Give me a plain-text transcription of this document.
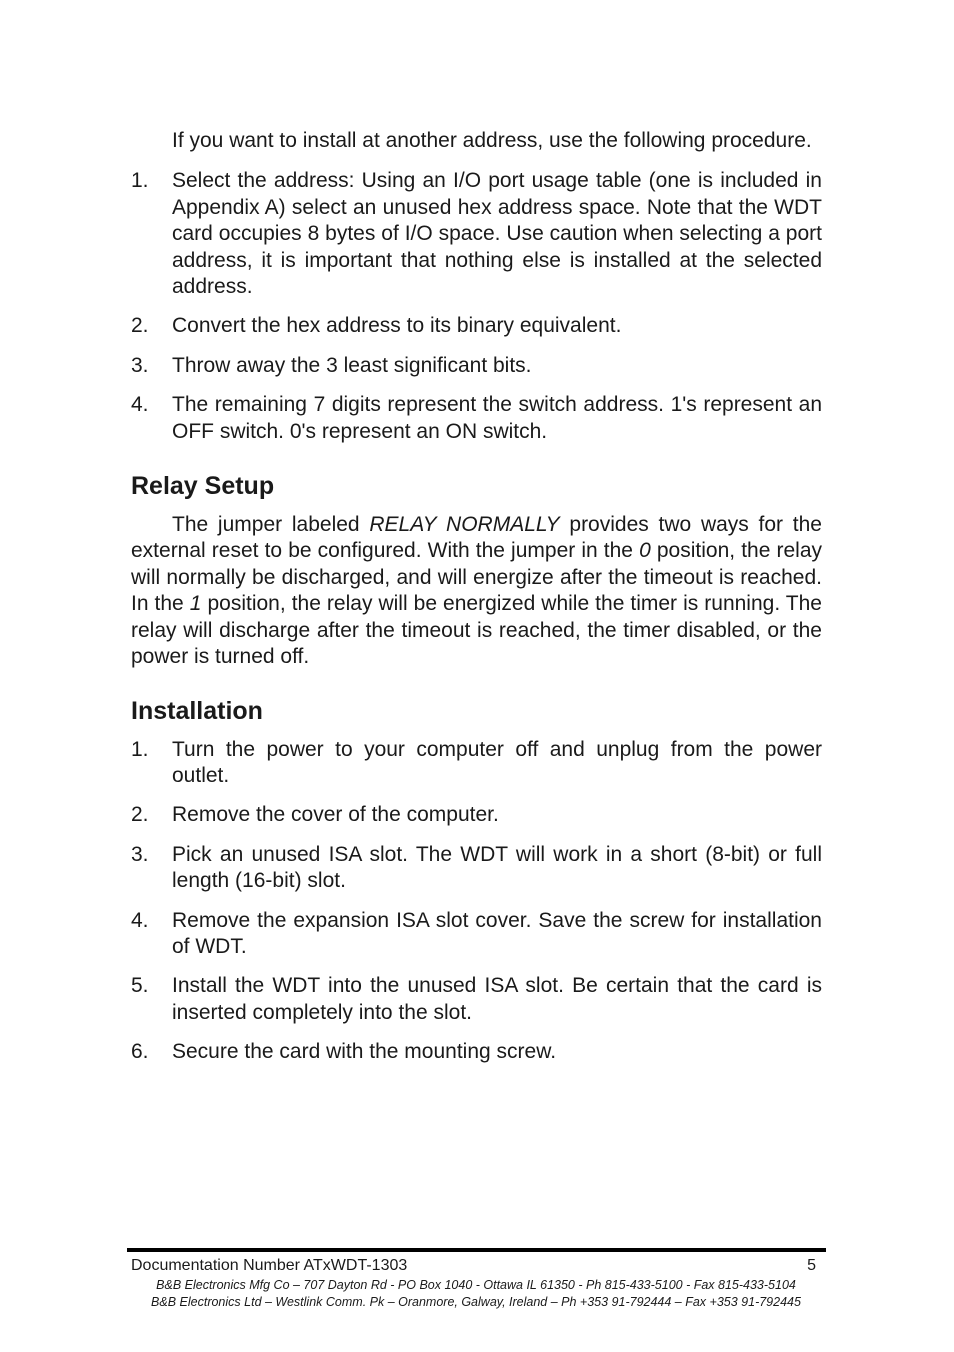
If you want to install at another address, use the following procedure.

1. Select the address: Using an I/O port usage table (one is included in Appendix A) select an unused hex address space. Note that the WDT card occupies 8 bytes of I/O space. Use caution when selecting a port address, it is important that nothing else is installed at the selected address.
2. Convert the hex address to its binary equivalent.
3. Throw away the 3 least significant bits.
4. The remaining 7 digits represent the switch address. 1's represent an OFF switch. 0's represent an ON switch.
Relay Setup

The jumper labeled RELAY NORMALLY provides two ways for the external reset to be configured. With the jumper in the 0 position, the relay will normally be discharged, and will energize after the timeout is reached. In the 1 position, the relay will be energized while the timer is running. The relay will discharge after the timeout is reached, the timer disabled, or the power is turned off.

Installation
1. Turn the power to your computer off and unplug from the power outlet.
2. Remove the cover of the computer.
3. Pick an unused ISA slot. The WDT will work in a short (8-bit) or full length (16-bit) slot.
4. Remove the expansion ISA slot cover. Save the screw for installation of WDT.
5. Install the WDT into the unused ISA slot. Be certain that the card is inserted completely into the slot.
6. Secure the card with the mounting screw.
Documentation Number ATxWDT-1303	5
B&B Electronics Mfg Co – 707 Dayton Rd - PO Box 1040 - Ottawa IL 61350 - Ph 815-433-5100 - Fax 815-433-5104
B&B Electronics Ltd – Westlink Comm. Pk – Oranmore, Galway, Ireland – Ph +353 91-792444 – Fax +353 91-792445
